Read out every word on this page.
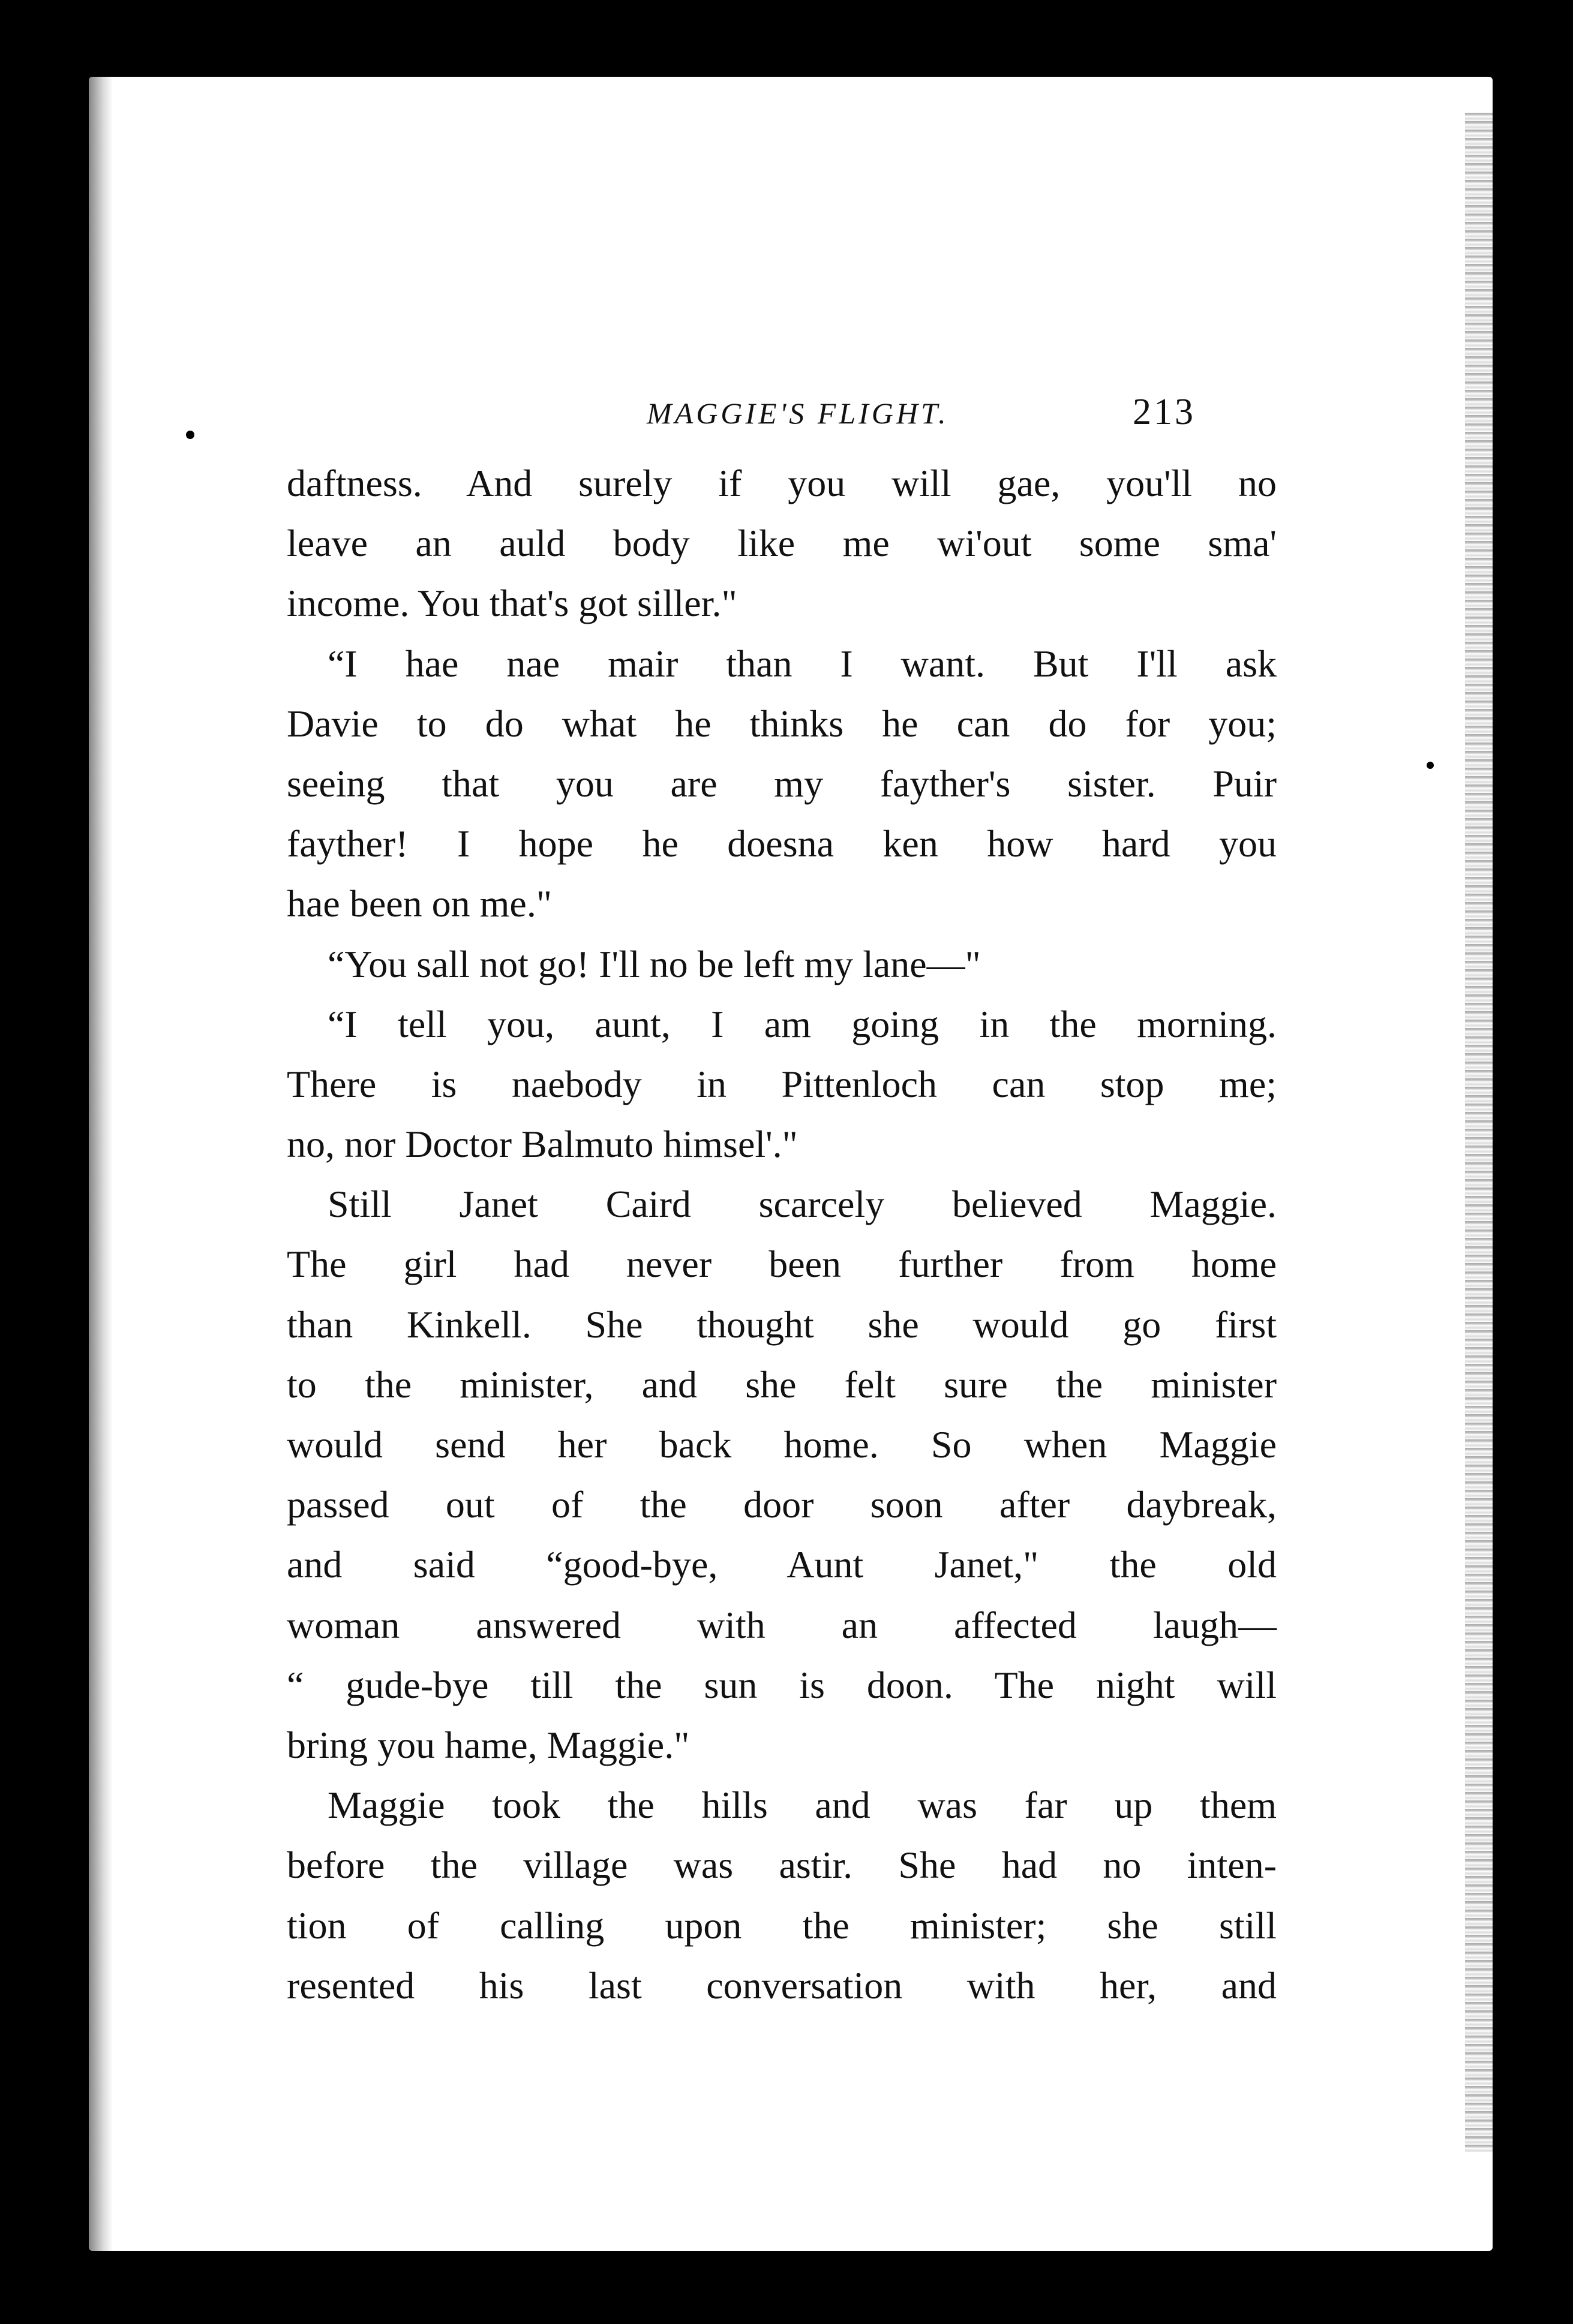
MAGGIE'S FLIGHT.	213
daftness. And surely if you will gae, you'll no
leave an auld body like me wi'out some sma'
income. You that's got siller."
“I hae nae mair than I want. But I'll ask
Davie to do what he thinks he can do for you;
seeing that you are my fayther's sister. Puir
fayther! I hope he doesna ken how hard you
hae been on me."
“You sall not go! I'll no be left my lane—"
“I tell you, aunt, I am going in the morning.
There is naebody in Pittenloch can stop me;
no, nor Doctor Balmuto himsel'."
Still Janet Caird scarcely believed Maggie.
The girl had never been further from home
than Kinkell. She thought she would go first
to the minister, and she felt sure the minister
would send her back home. So when Maggie
passed out of the door soon after daybreak,
and said “good-bye, Aunt Janet," the old
woman answered with an affected laugh—
“ gude-bye till the sun is doon. The night will
bring you hame, Maggie."
Maggie took the hills and was far up them
before the village was astir. She had no inten-
tion of calling upon the minister; she still
resented his last conversation with her, and
